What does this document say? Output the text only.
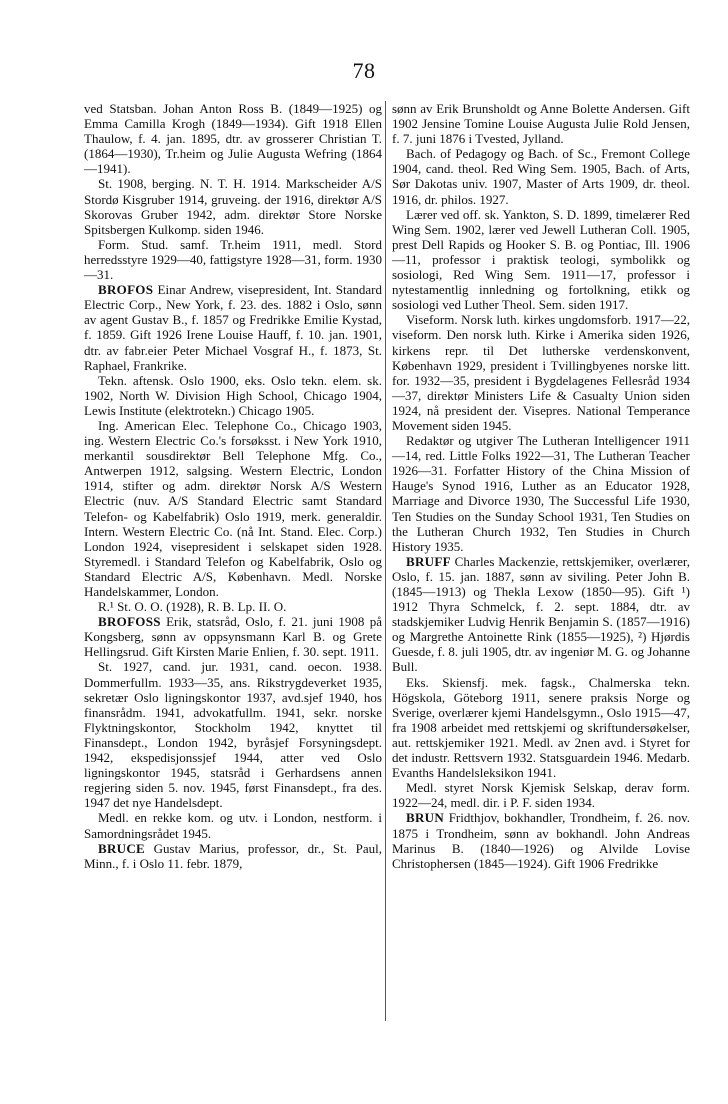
78

ved Statsban. Johan Anton Ross B. (1849—1925) og Emma Camilla Krogh (1849—1934). Gift 1918 Ellen Thaulow, f. 4. jan. 1895, dtr. av grosserer Christian T. (1864—1930), Tr.heim og Julie Augusta Wefring (1864—1941).

St. 1908, berging. N. T. H. 1914. Markscheider A/S Stordø Kisgruber 1914, gruveing. der 1916, direktør A/S Skorovas Gruber 1942, adm. direktør Store Norske Spitsbergen Kulkomp. siden 1946.

Form. Stud. samf. Tr.heim 1911, medl. Stord herredsstyre 1929—40, fattigstyre 1928—31, form. 1930—31.

BROFOS Einar Andrew, visepresident, Int. Standard Electric Corp., New York, f. 23. des. 1882 i Oslo, sønn av agent Gustav B., f. 1857 og Fredrikke Emilie Kystad, f. 1859. Gift 1926 Irene Louise Hauff, f. 10. jan. 1901, dtr. av fabr.eier Peter Michael Vosgraf H., f. 1873, St. Raphael, Frankrike.

Tekn. aftensk. Oslo 1900, eks. Oslo tekn. elem. sk. 1902, North W. Division High School, Chicago 1904, Lewis Institute (elektrotekn.) Chicago 1905.

Ing. American Elec. Telephone Co., Chicago 1903, ing. Western Electric Co.'s forsøksst. i New York 1910, merkantil sousdirektør Bell Telephone Mfg. Co., Antwerpen 1912, salgsing. Western Electric, London 1914, stifter og adm. direktør Norsk A/S Western Electric (nuv. A/S Standard Electric samt Standard Telefon- og Kabelfabrik) Oslo 1919, merk. generaldir. Intern. Western Electric Co. (nå Int. Stand. Elec. Corp.) London 1924, visepresident i selskapet siden 1928. Styremedl. i Standard Telefon og Kabelfabrik, Oslo og Standard Electric A/S, København. Medl. Norske Handelskammer, London.

R.¹ St. O. O. (1928), R. B. Lp. II. O.

BROFOSS Erik, statsråd, Oslo, f. 21. juni 1908 på Kongsberg, sønn av oppsynsmann Karl B. og Grete Hellingsrud. Gift Kirsten Marie Enlien, f. 30. sept. 1911.

St. 1927, cand. jur. 1931, cand. oecon. 1938. Dommerfullm. 1933—35, ans. Rikstrygdeverket 1935, sekretær Oslo ligningskontor 1937, avd.sjef 1940, hos finansrådm. 1941, advokatfullm. 1941, sekr. norske Flyktningskontor, Stockholm 1942, knyttet til Finansdept., London 1942, byråsjef Forsyningsdept. 1942, ekspedisjonssjef 1944, atter ved Oslo ligningskontor 1945, statsråd i Gerhardsens annen regjering siden 5. nov. 1945, først Finansdept., fra des. 1947 det nye Handelsdept.

Medl. en rekke kom. og utv. i London, nestform. i Samordningsrådet 1945.

BRUCE Gustav Marius, professor, dr., St. Paul, Minn., f. i Oslo 11. febr. 1879,

sønn av Erik Brunsholdt og Anne Bolette Andersen. Gift 1902 Jensine Tomine Louise Augusta Julie Rold Jensen, f. 7. juni 1876 i Tvested, Jylland.

Bach. of Pedagogy og Bach. of Sc., Fremont College 1904, cand. theol. Red Wing Sem. 1905, Bach. of Arts, Sør Dakotas univ. 1907, Master of Arts 1909, dr. theol. 1916, dr. philos. 1927.

Lærer ved off. sk. Yankton, S. D. 1899, timelærer Red Wing Sem. 1902, lærer ved Jewell Lutheran Coll. 1905, prest Dell Rapids og Hooker S. B. og Pontiac, Ill. 1906—11, professor i praktisk teologi, symbolikk og sosiologi, Red Wing Sem. 1911—17, professor i nytestamentlig innledning og fortolkning, etikk og sosiologi ved Luther Theol. Sem. siden 1917.

Viseform. Norsk luth. kirkes ungdomsforb. 1917—22, viseform. Den norsk luth. Kirke i Amerika siden 1926, kirkens repr. til Det lutherske verdenskonvent, København 1929, president i Tvillingbyenes norske litt. for. 1932—35, president i Bygdelagenes Fellesråd 1934—37, direktør Ministers Life & Casualty Union siden 1924, nå president der. Visepres. National Temperance Movement siden 1945.

Redaktør og utgiver The Lutheran Intelligencer 1911—14, red. Little Folks 1922—31, The Lutheran Teacher 1926—31. Forfatter History of the China Mission of Hauge's Synod 1916, Luther as an Educator 1928, Marriage and Divorce 1930, The Successful Life 1930, Ten Studies on the Sunday School 1931, Ten Studies on the Lutheran Church 1932, Ten Studies in Church History 1935.

BRUFF Charles Mackenzie, rettskjemiker, overlærer, Oslo, f. 15. jan. 1887, sønn av siviling. Peter John B. (1845—1913) og Thekla Lexow (1850—95). Gift ¹) 1912 Thyra Schmelck, f. 2. sept. 1884, dtr. av stadskjemiker Ludvig Henrik Benjamin S. (1857—1916) og Margrethe Antoinette Rink (1855—1925), ²) Hjørdis Guesde, f. 8. juli 1905, dtr. av ingeniør M. G. og Johanne Bull.

Eks. Skiensfj. mek. fagsk., Chalmerska tekn. Högskola, Göteborg 1911, senere praksis Norge og Sverige, overlærer kjemi Handelsgymn., Oslo 1915—47, fra 1908 arbeidet med rettskjemi og skriftundersøkelser, aut. rettskjemiker 1921. Medl. av 2nen avd. i Styret for det industr. Rettsvern 1932. Statsguardein 1946. Medarb. Evanths Handelsleksikon 1941.

Medl. styret Norsk Kjemisk Selskap, derav form. 1922—24, medl. dir. i P. F. siden 1934.

BRUN Fridthjov, bokhandler, Trondheim, f. 26. nov. 1875 i Trondheim, sønn av bokhandl. John Andreas Marinus B. (1840—1926) og Alvilde Lovise Christophersen (1845—1924). Gift 1906 Fredrikke
